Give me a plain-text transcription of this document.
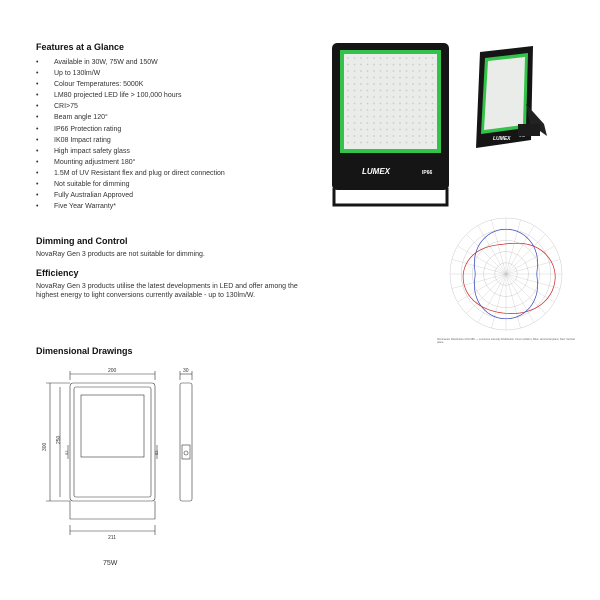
Features at a Glance
• Available in 30W, 75W and 150W
• Up to 130lm/W
• Colour Temperatures: 5000K
• LM80 projected LED life > 100,000 hours
• CRI>75
• Beam angle 120°
• IP66 Protection rating
• IK08 Impact rating
• High impact safety glass
• Mounting adjustment 180°
• 1.5M of UV Resistant flex and plug or direct connection
• Not suitable for dimming
• Fully Australian Approved
• Five Year Warranty*
Dimming and Control

NovaRay Gen 3 products are not suitable for dimming.

Efficiency

NovaRay Gen 3 products utilise the latest developments in LED and offer among the highest energy to light conversions currently available - up to 130lm/W.

LUMEX	IP66
LUMEX

Illuminance Distribution C0/C180 — Luminous Intensity Distribution Curve (cd/klm), Blue: Horizontal plane; Red: Vertical plane.

Dimensional Drawings
200	30
300
250
52	52
211

75W
